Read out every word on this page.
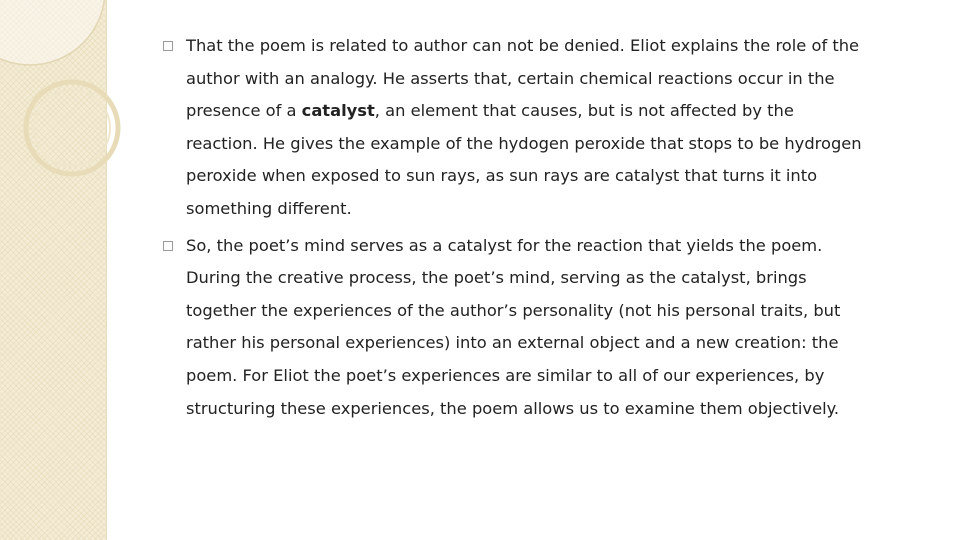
That the poem is related to author can not be denied. Eliot explains the role of the author with an analogy. He asserts that, certain chemical reactions occur in the presence of a catalyst, an element that causes, but is not affected by the reaction. He gives the example of the hydogen peroxide that stops to be hydrogen peroxide when exposed to sun rays, as sun rays are catalyst that turns it into something different.
So, the poet’s mind serves as a catalyst for the reaction that yields the poem. During the creative process, the poet’s mind, serving as the catalyst, brings together the experiences of the author’s personality (not his personal traits, but rather his personal experiences) into an external object and a new creation: the poem. For Eliot the poet’s experiences are similar to all of our experiences, by structuring these experiences, the poem allows us to examine them objectively.
